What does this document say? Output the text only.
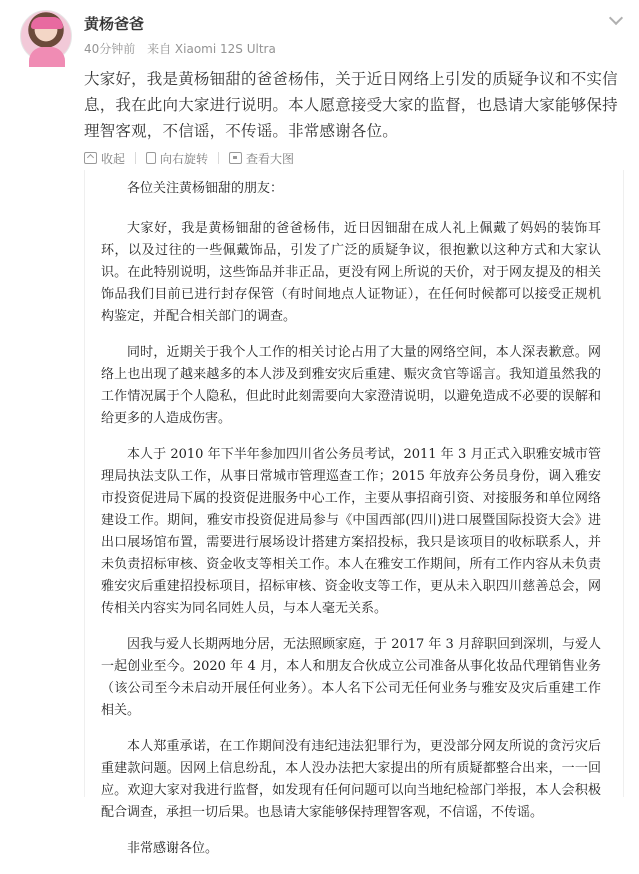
黄杨爸爸
40分钟前 来自 Xiaomi 12S Ultra
大家好，我是黄杨钿甜的爸爸杨伟，关于近日网络上引发的质疑争议和不实信息，我在此向大家进行说明。本人愿意接受大家的监督，也恳请大家能够保持理智客观，不信谣，不传谣。非常感谢各位。
收起	向右旋转	查看大图

各位关注黄杨钿甜的朋友：

大家好，我是黄杨钿甜的爸爸杨伟，近日因钿甜在成人礼上佩戴了妈妈的装饰耳环，以及过往的一些佩戴饰品，引发了广泛的质疑争议，很抱歉以这种方式和大家认识。在此特别说明，这些饰品并非正品，更没有网上所说的天价，对于网友提及的相关饰品我们目前已进行封存保管（有时间地点人证物证），在任何时候都可以接受正规机构鉴定，并配合相关部门的调查。

同时，近期关于我个人工作的相关讨论占用了大量的网络空间，本人深表歉意。网络上也出现了越来越多的本人涉及到雅安灾后重建、赈灾贪官等谣言。我知道虽然我的工作情况属于个人隐私，但此时此刻需要向大家澄清说明，以避免造成不必要的误解和给更多的人造成伤害。

本人于 2010 年下半年参加四川省公务员考试，2011 年 3 月正式入职雅安城市管理局执法支队工作，从事日常城市管理巡查工作；2015 年放弃公务员身份，调入雅安市投资促进局下属的投资促进服务中心工作，主要从事招商引资、对接服务和单位网络建设工作。期间，雅安市投资促进局参与《中国西部(四川)进口展暨国际投资大会》进出口展场馆布置，需要进行展场设计搭建方案招投标，我只是该项目的收标联系人，并未负责招标审核、资金收支等相关工作。本人在雅安工作期间，所有工作内容从未负责雅安灾后重建招投标项目，招标审核、资金收支等工作，更从未入职四川慈善总会，网传相关内容实为同名同姓人员，与本人毫无关系。

因我与爱人长期两地分居，无法照顾家庭，于 2017 年 3 月辞职回到深圳，与爱人一起创业至今。2020 年 4 月，本人和朋友合伙成立公司准备从事化妆品代理销售业务（该公司至今未启动开展任何业务）。本人名下公司无任何业务与雅安及灾后重建工作相关。

本人郑重承诺，在工作期间没有违纪违法犯罪行为，更没部分网友所说的贪污灾后重建款问题。因网上信息纷乱，本人没办法把大家提出的所有质疑都整合出来，一一回应。欢迎大家对我进行监督，如发现有任何问题可以向当地纪检部门举报，本人会积极配合调查，承担一切后果。也恳请大家能够保持理智客观，不信谣，不传谣。

非常感谢各位。
